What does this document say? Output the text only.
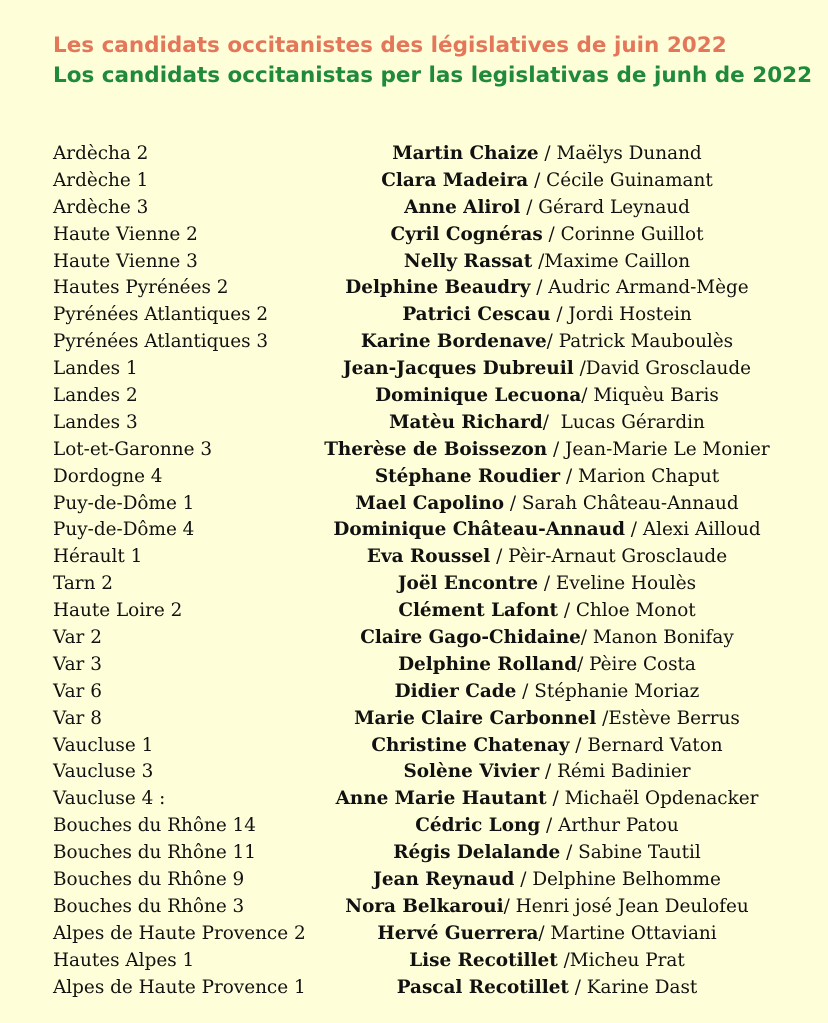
Les candidats occitanistes des législatives de juin 2022
Los candidats occitanistas per las legislativas de junh de 2022
Ardècha 2	Martin Chaize / Maëlys Dunand
Ardèche 1	Clara Madeira / Cécile Guinamant
Ardèche 3	Anne Alirol / Gérard Leynaud
Haute Vienne 2	Cyril Cognéras / Corinne Guillot
Haute Vienne 3	Nelly Rassat /Maxime Caillon
Hautes Pyrénées 2	Delphine Beaudry / Audric Armand-Mège
Pyrénées Atlantiques 2	Patrici Cescau / Jordi Hostein
Pyrénées Atlantiques 3	Karine Bordenave/ Patrick Mauboulès
Landes 1	Jean-Jacques Dubreuil /David Grosclaude
Landes 2	Dominique Lecuona/ Miquèu Baris
Landes 3	Matèu Richard/  Lucas Gérardin
Lot-et-Garonne 3	Therèse de Boissezon / Jean-Marie Le Monier
Dordogne 4	Stéphane Roudier / Marion Chaput
Puy-de-Dôme 1	Mael Capolino / Sarah Château-Annaud
Puy-de-Dôme 4	Dominique Château-Annaud / Alexi Ailloud
Hérault 1	Eva Roussel / Pèir-Arnaut Grosclaude
Tarn 2	Joël Encontre / Eveline Houlès
Haute Loire 2	Clément Lafont / Chloe Monot
Var 2	Claire Gago-Chidaine/ Manon Bonifay
Var 3	Delphine Rolland/ Pèire Costa
Var 6	Didier Cade / Stéphanie Moriaz
Var 8	Marie Claire Carbonnel /Estève Berrus
Vaucluse 1	Christine Chatenay / Bernard Vaton
Vaucluse 3	Solène Vivier / Rémi Badinier
Vaucluse 4 :	Anne Marie Hautant / Michaël Opdenacker
Bouches du Rhône 14	Cédric Long / Arthur Patou
Bouches du Rhône 11	Régis Delalande / Sabine Tautil
Bouches du Rhône 9	Jean Reynaud / Delphine Belhomme
Bouches du Rhône 3	Nora Belkaroui/ Henri josé Jean Deulofeu
Alpes de Haute Provence 2	Hervé Guerrera/ Martine Ottaviani
Hautes Alpes 1	Lise Recotillet /Micheu Prat
Alpes de Haute Provence 1	Pascal Recotillet / Karine Dast
